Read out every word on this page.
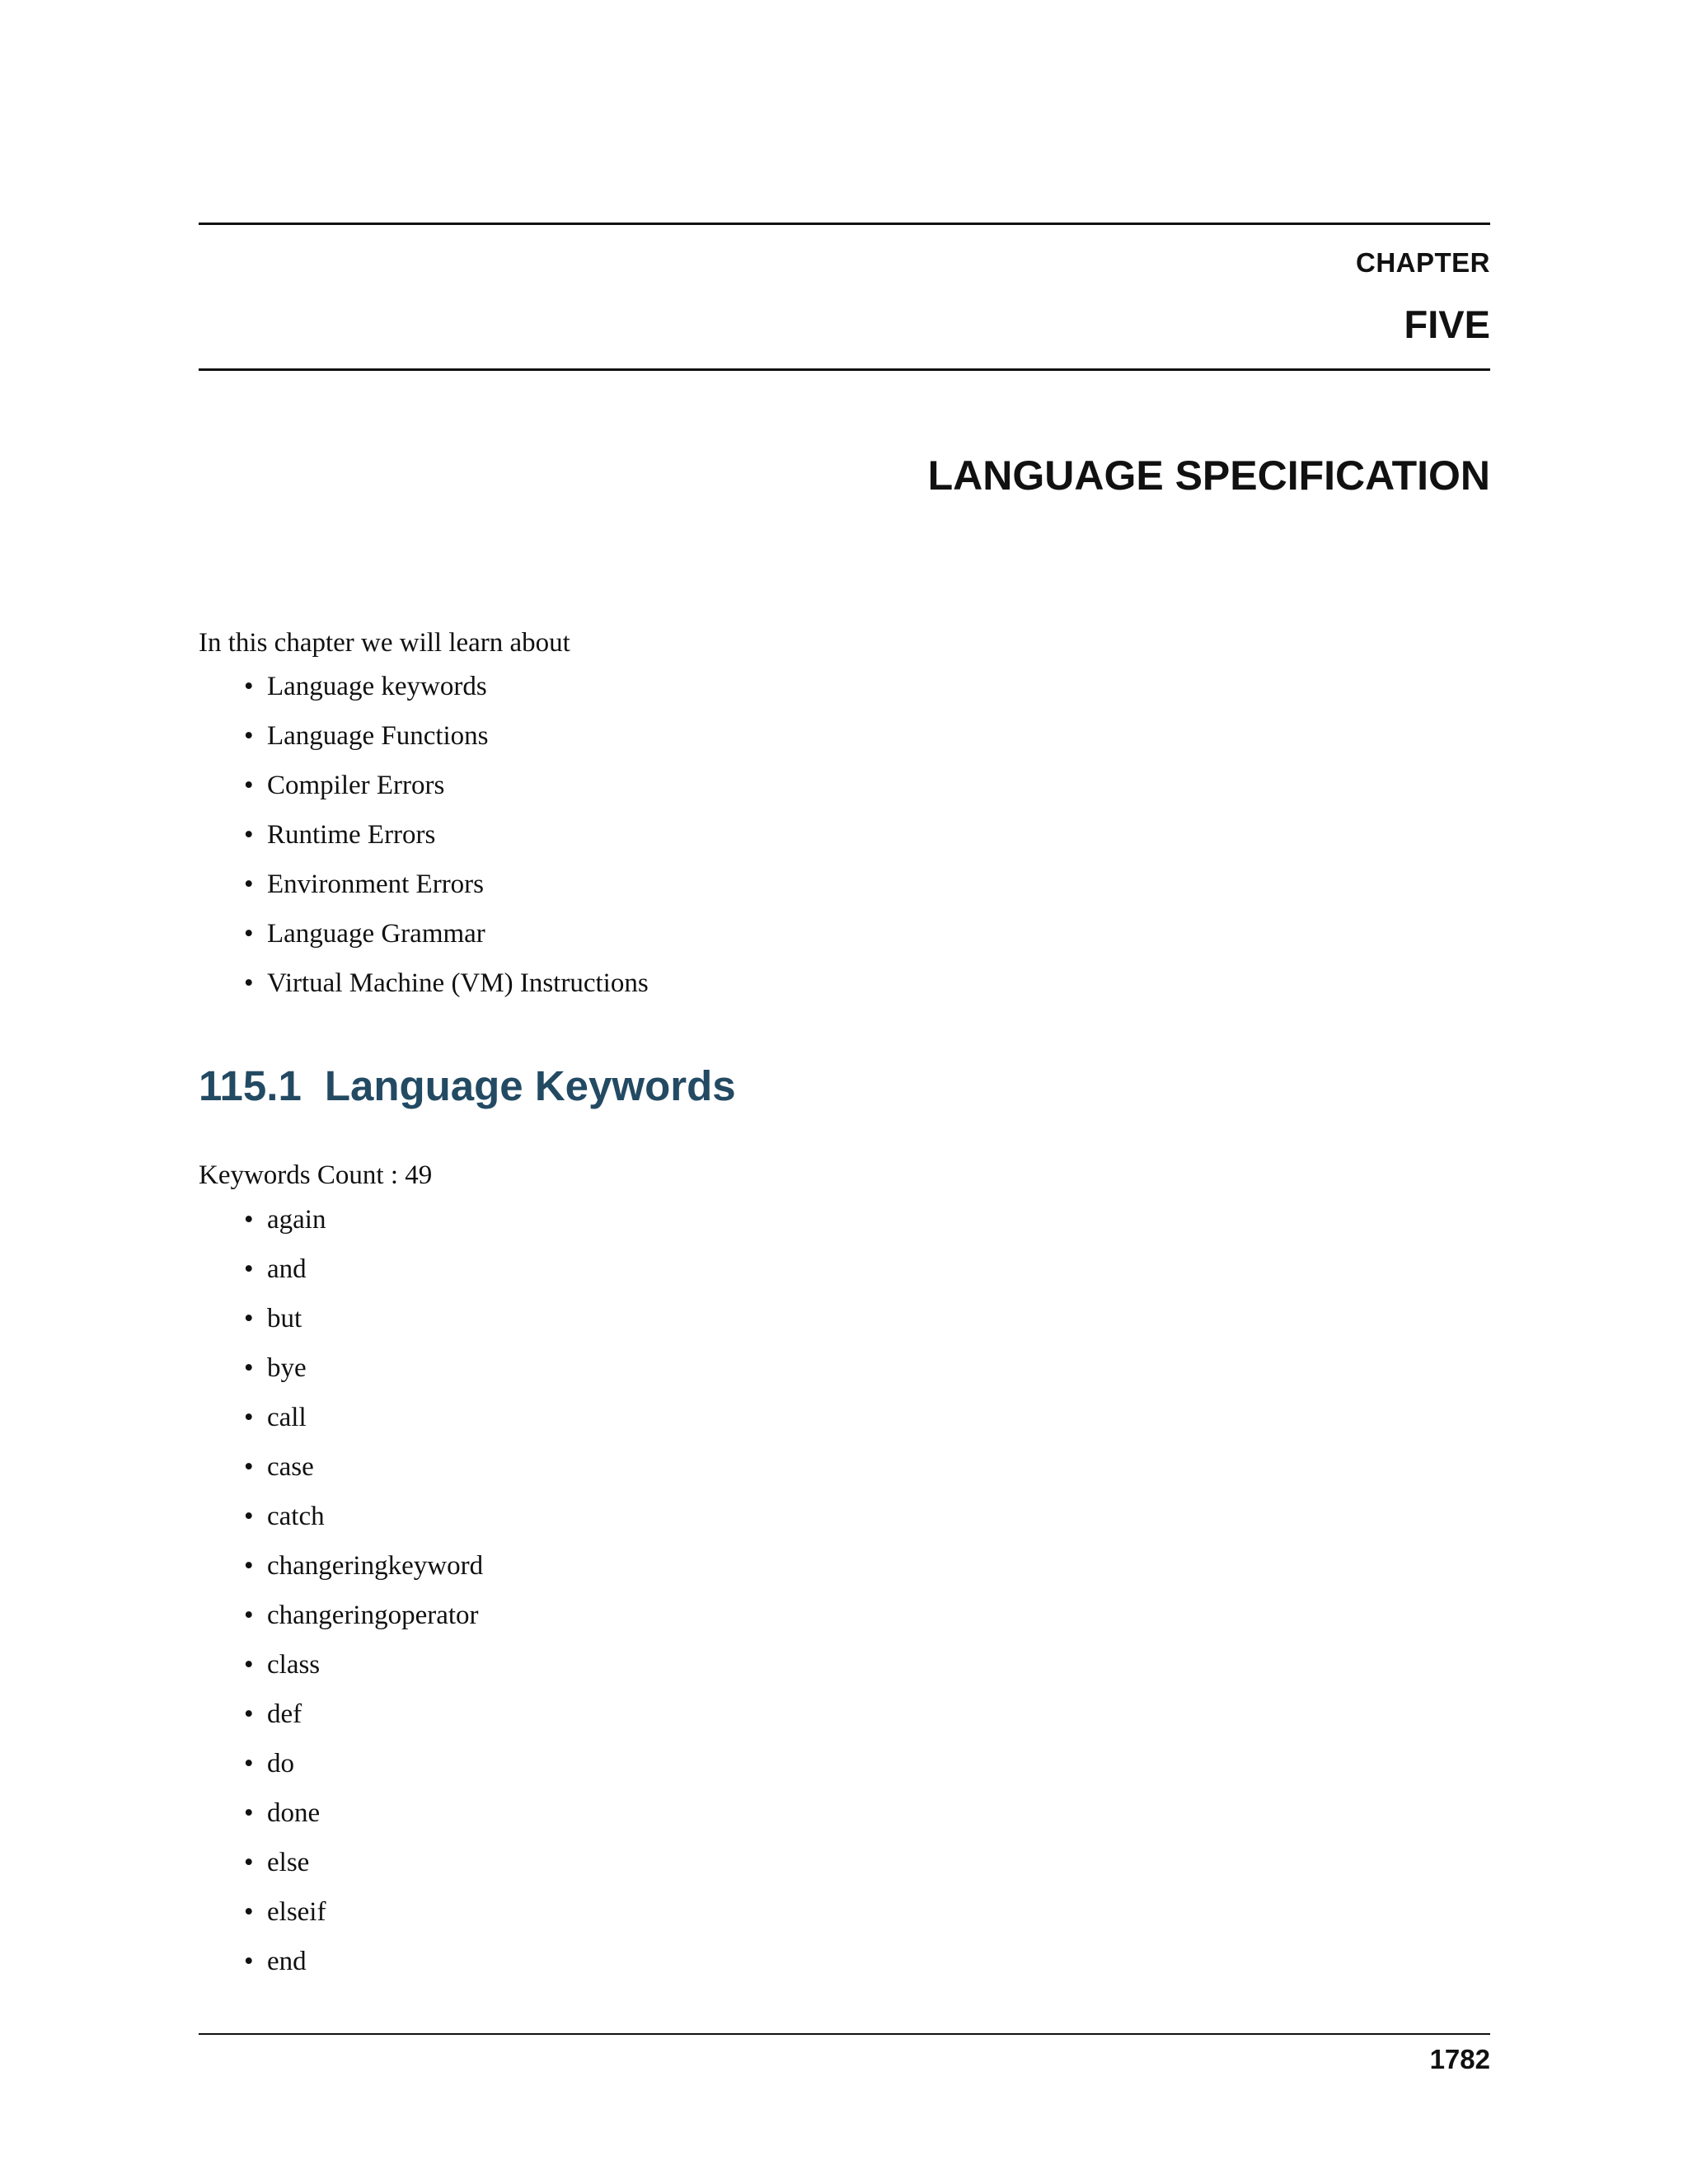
CHAPTER
FIVE
LANGUAGE SPECIFICATION
In this chapter we will learn about
• Language keywords
• Language Functions
• Compiler Errors
• Runtime Errors
• Environment Errors
• Language Grammar
• Virtual Machine (VM) Instructions
115.1 Language Keywords
Keywords Count : 49
• again
• and
• but
• bye
• call
• case
• catch
• changeringkeyword
• changeringoperator
• class
• def
• do
• done
• else
• elseif
• end
1782
